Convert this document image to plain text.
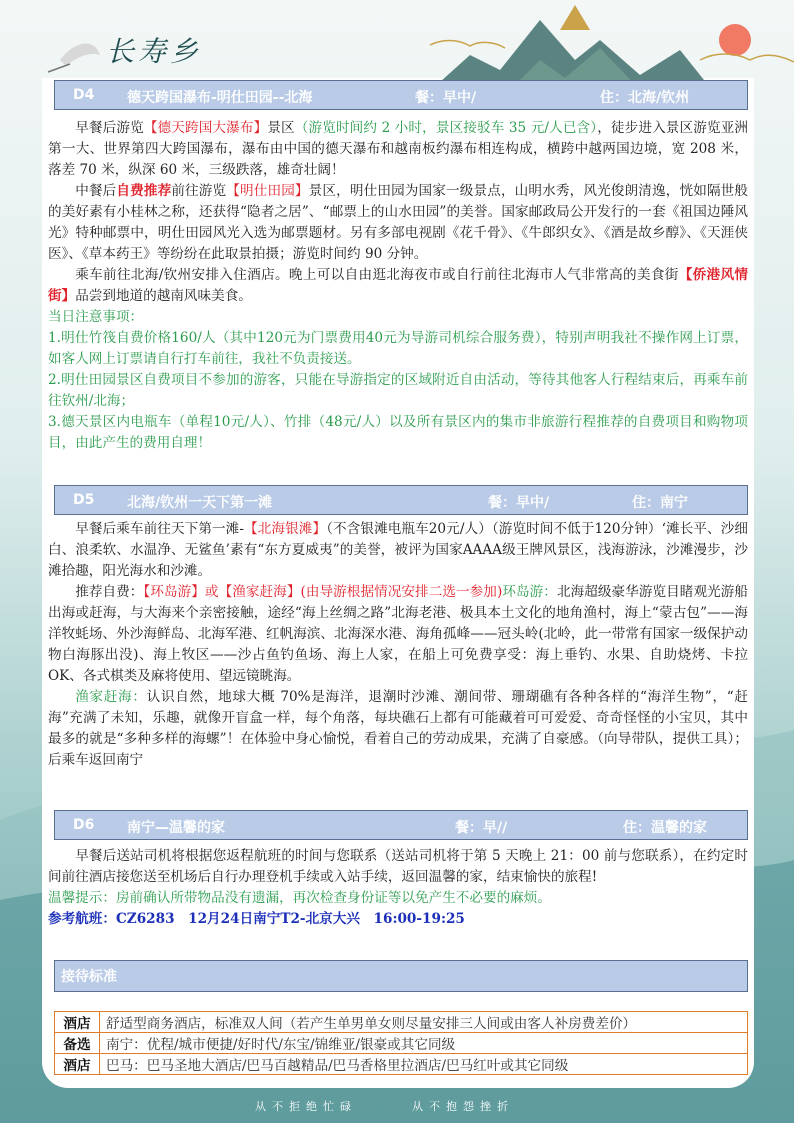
长寿乡
D4 德天跨国瀑布-明仕田园--北海	餐：早中/	住：北海/钦州

早餐后游览【德天跨国大瀑布】景区（游览时间约 2 小时，景区接驳车 35 元/人已含），徒步进入景区游览亚洲第一大、世界第四大跨国瀑布，瀑布由中国的德天瀑布和越南板约瀑布相连构成，横跨中越两国边境，宽 208 米，落差 70 米，纵深 60 米，三级跌落，雄奇壮阔！

中餐后自费推荐前往游览【明仕田园】景区，明仕田园为国家一级景点，山明水秀，风光俊朗清逸，恍如隔世般的美好素有小桂林之称，还获得“隐者之居”、“邮票上的山水田园”的美誉。国家邮政局公开发行的一套《祖国边陲风光》特种邮票中，明仕田园风光入选为邮票题材。另有多部电视剧《花千骨》、《牛郎织女》、《酒是故乡醇》、《天涯侠医》、《草本药王》等纷纷在此取景拍摄；游览时间约 90 分钟。

乘车前往北海/钦州安排入住酒店。晚上可以自由逛北海夜市或自行前往北海市人气非常高的美食街【侨港风情街】品尝到地道的越南风味美食。

当日注意事项：

1.明仕竹筏自费价格160/人（其中120元为门票费用40元为导游司机综合服务费），特别声明我社不操作网上订票，如客人网上订票请自行打车前往，我社不负责接送。

2.明仕田园景区自费项目不参加的游客，只能在导游指定的区域附近自由活动，等待其他客人行程结束后，再乘车前往钦州/北海；

3.德天景区内电瓶车（单程10元/人）、竹排（48元/人）以及所有景区内的集市非旅游行程推荐的自费项目和购物项目，由此产生的费用自理！

D5 北海/钦州一天下第一滩	餐：早中/	住：南宁

早餐后乘车前往天下第一滩-【北海银滩】（不含银滩电瓶车20元/人）（游览时间不低于120分钟）‘滩长平、沙细白、浪柔软、水温净、无鲨鱼’素有“东方夏威夷”的美誉，被评为国家AAAA级王牌风景区，浅海游泳，沙滩漫步，沙滩拾趣，阳光海水和沙滩。

推荐自费：【环岛游】或【渔家赶海】(由导游根据情况安排二选一参加)环岛游：北海超级豪华游览目睹观光游船出海或赶海，与大海来个亲密接触，途经“海上丝绸之路”北海老港、极具本土文化的地角渔村，海上“蒙古包”——海洋牧蚝场、外沙海鲜岛、北海军港、红帆海滨、北海深水港、海角孤峰——冠头岭(北岭，此一带常有国家一级保护动物白海豚出没)、海上牧区——沙占鱼钓鱼场、海上人家，在船上可免费享受：海上垂钓、水果、自助烧烤、卡拉 OK、各式棋类及麻将使用、望远镜眺海。

渔家赶海：认识自然，地球大概 70%是海洋，退潮时沙滩、潮间带、珊瑚礁有各种各样的“海洋生物”，“赶海”充满了未知，乐趣，就像开盲盒一样，每个角落，每块礁石上都有可能藏着可可爱爱、奇奇怪怪的小宝贝，其中最多的就是“多种多样的海螺”！在体验中身心愉悦，看着自己的劳动成果，充满了自豪感。（向导带队，提供工具）；后乘车返回南宁

D6 南宁—温馨的家	餐：早//	住：温馨的家

早餐后送站司机将根据您返程航班的时间与您联系（送站司机将于第 5 天晚上 21：00 前与您联系），在约定时间前往酒店接您送至机场后自行办理登机手续或入站手续，返回温馨的家，结束愉快的旅程!

温馨提示：房前确认所带物品没有遗漏，再次检查身份证等以免产生不必要的麻烦。

参考航班：CZ6283　12月24日南宁T2-北京大兴　16:00-19:25

接待标准
酒店	舒适型商务酒店，标准双人间（若产生单男单女则尽量安排三人间或由客人补房费差价）
备选	南宁：优程/城市便捷/好时代/东宝/锦维亚/银豪或其它同级
酒店	巴马：巴马圣地大酒店/巴马百越精品/巴马香格里拉酒店/巴马红叶或其它同级
从不拒绝忙碌	从不抱怨挫折
